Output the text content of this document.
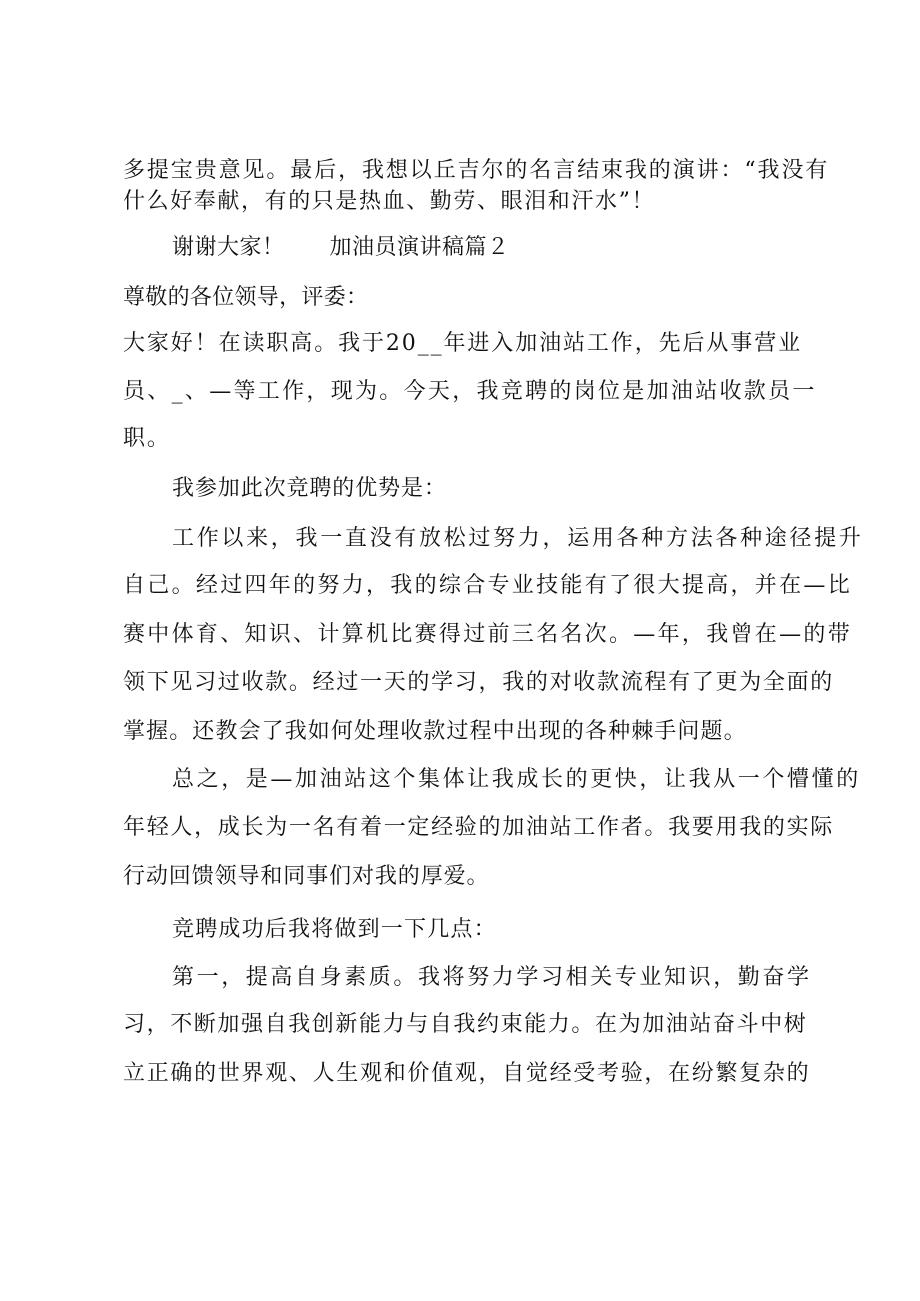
多提宝贵意见。最后，我想以丘吉尔的名言结束我的演讲：“我没有

什么好奉献，有的只是热血、勤劳、眼泪和汗水”！

谢谢大家！　　加油员演讲稿篇２

尊敬的各位领导，评委：

大家好！在读职高。我于20__年进入加油站工作，先后从事营业

员、_、—等工作，现为。今天，我竞聘的岗位是加油站收款员一

职。

我参加此次竞聘的优势是：

工作以来，我一直没有放松过努力，运用各种方法各种途径提升

自己。经过四年的努力，我的综合专业技能有了很大提高，并在—比

赛中体育、知识、计算机比赛得过前三名名次。—年，我曾在—的带

领下见习过收款。经过一天的学习，我的对收款流程有了更为全面的

掌握。还教会了我如何处理收款过程中出现的各种棘手问题。

总之，是—加油站这个集体让我成长的更快，让我从一个懵懂的

年轻人，成长为一名有着一定经验的加油站工作者。我要用我的实际

行动回馈领导和同事们对我的厚爱。

竞聘成功后我将做到一下几点：

第一，提高自身素质。我将努力学习相关专业知识，勤奋学

习，不断加强自我创新能力与自我约束能力。在为加油站奋斗中树

立正确的世界观、人生观和价值观，自觉经受考验，在纷繁复杂的
